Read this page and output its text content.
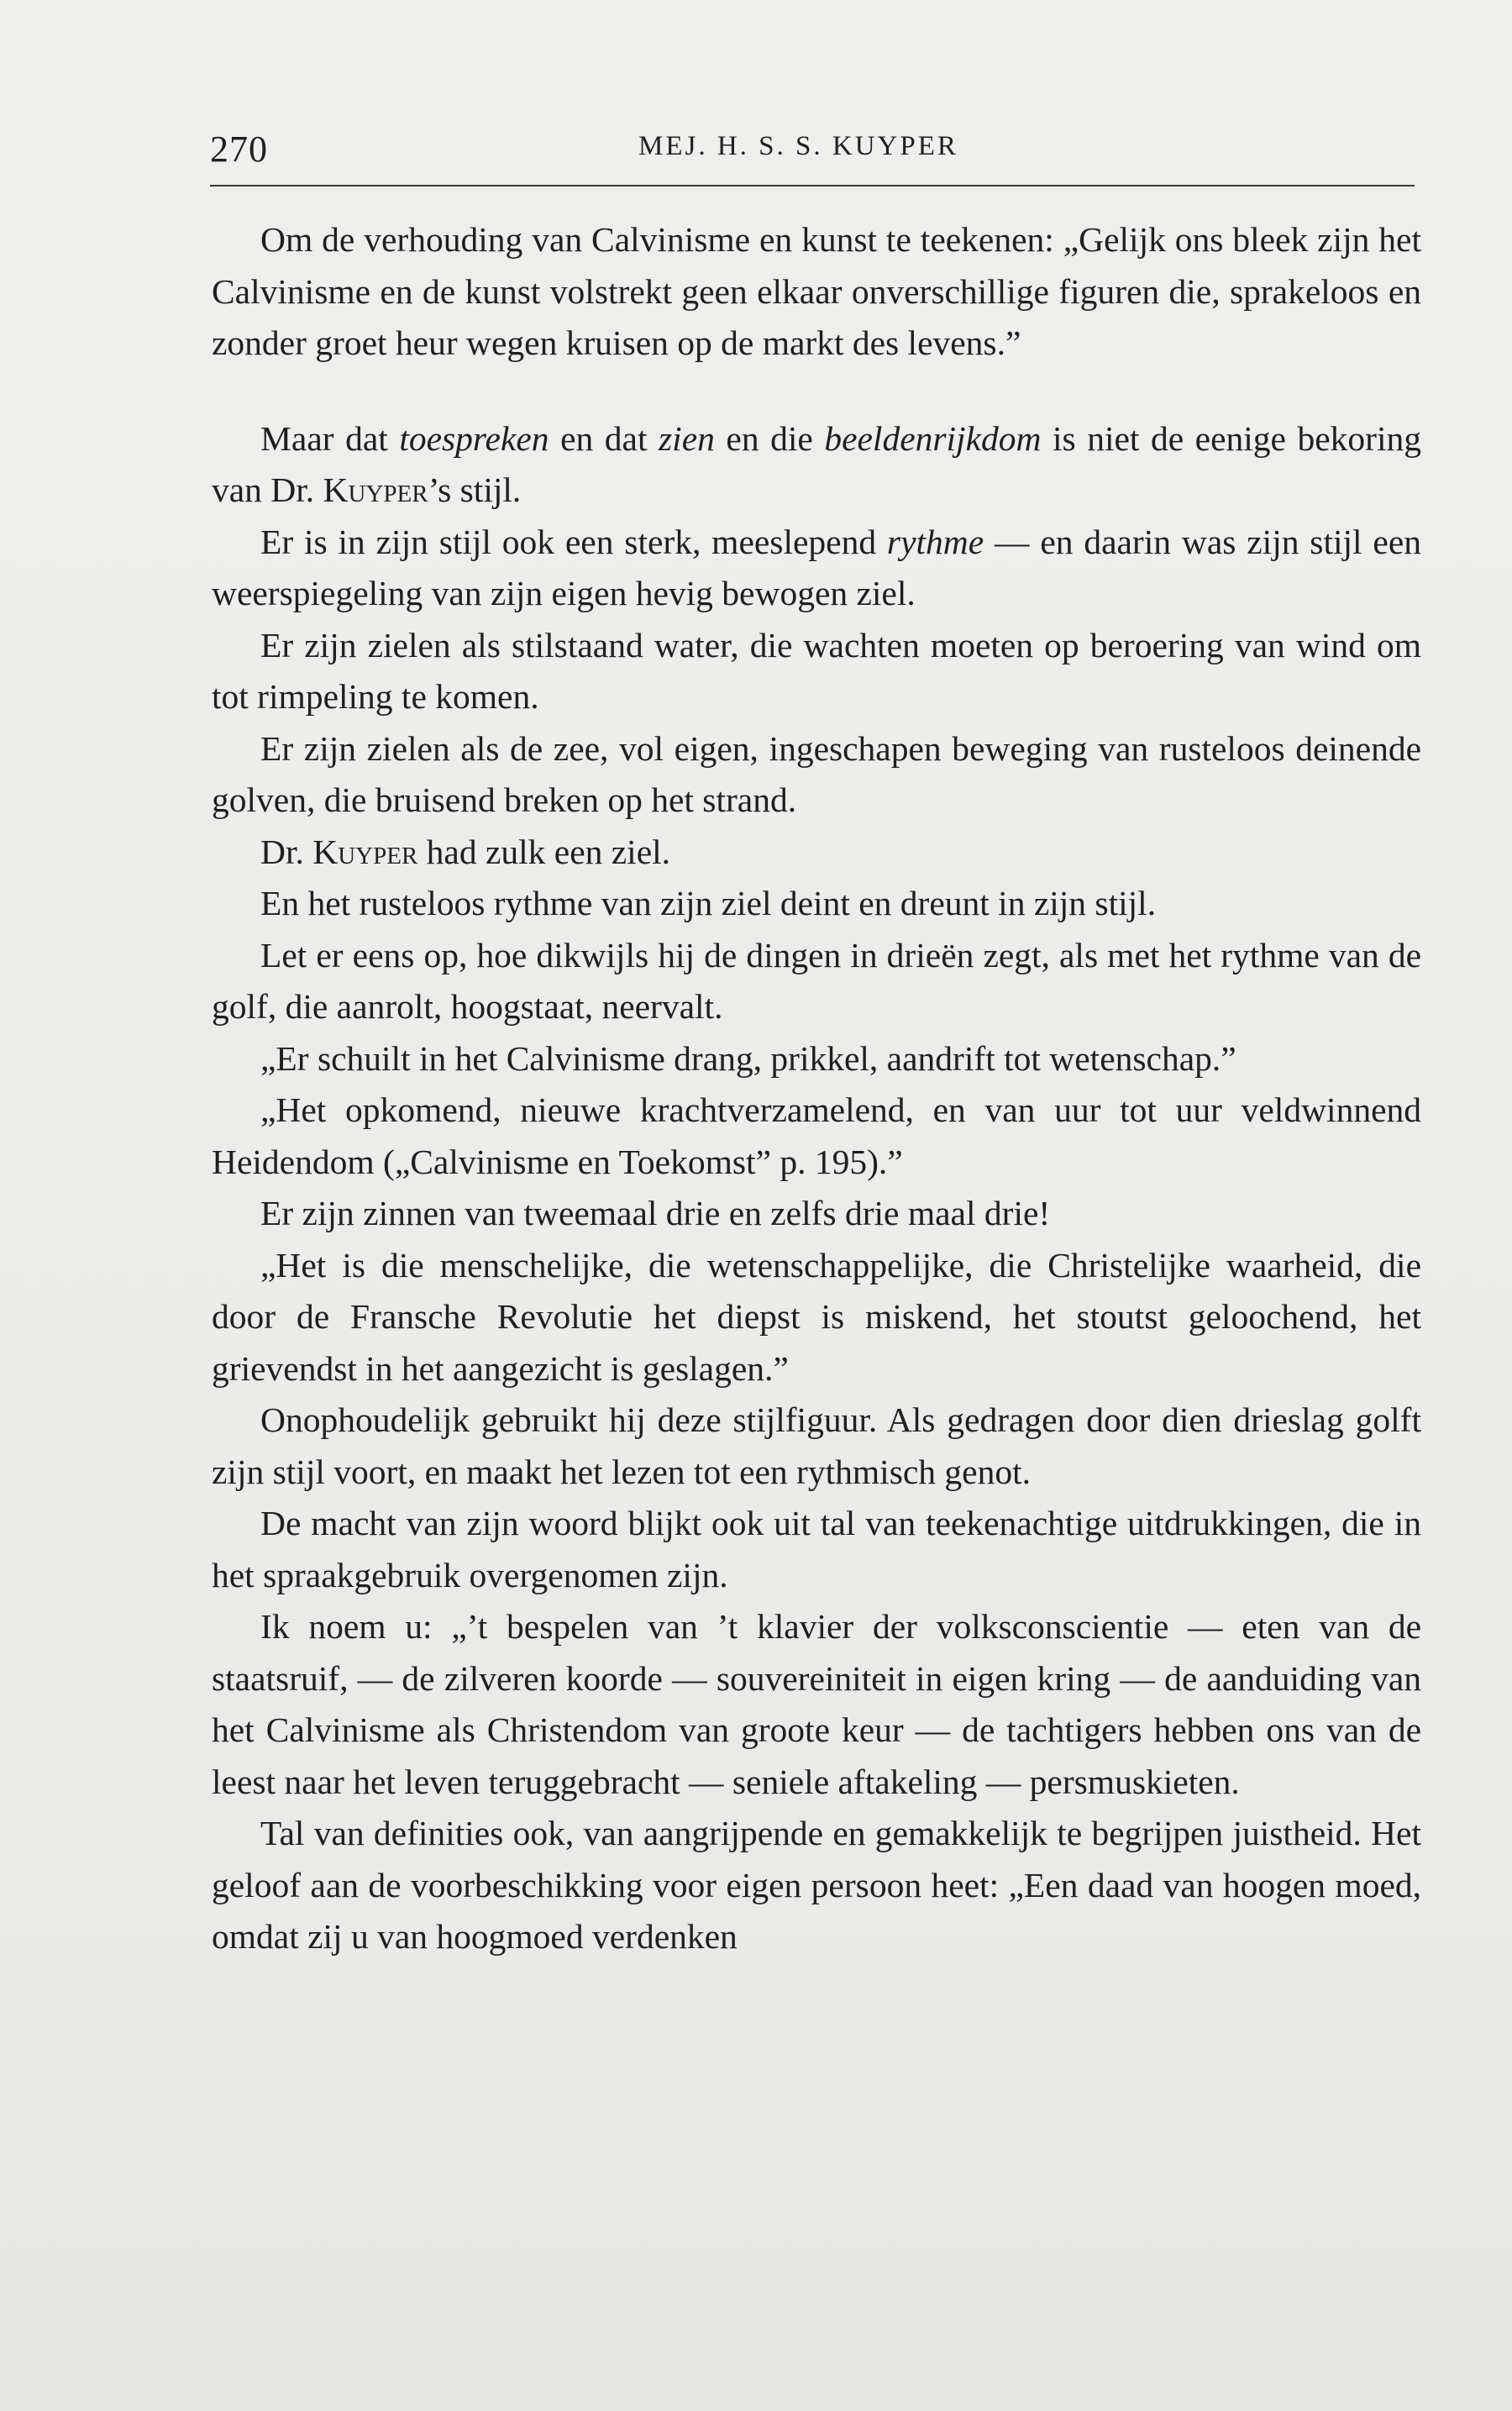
270	MEJ. H. S. S. KUYPER

Om de verhouding van Calvinisme en kunst te teekenen: „Gelijk ons bleek zijn het Calvinisme en de kunst volstrekt geen elkaar onverschillige figuren die, sprakeloos en zonder groet heur wegen kruisen op de markt des levens.”

Maar dat toespreken en dat zien en die beeldenrijkdom is niet de eenige bekoring van Dr. Kuyper’s stijl.

Er is in zijn stijl ook een sterk, meeslepend rythme — en daarin was zijn stijl een weerspiegeling van zijn eigen hevig bewogen ziel.

Er zijn zielen als stilstaand water, die wachten moeten op beroering van wind om tot rimpeling te komen.

Er zijn zielen als de zee, vol eigen, ingeschapen beweging van rusteloos deinende golven, die bruisend breken op het strand.

Dr. Kuyper had zulk een ziel.

En het rusteloos rythme van zijn ziel deint en dreunt in zijn stijl.

Let er eens op, hoe dikwijls hij de dingen in drieën zegt, als met het rythme van de golf, die aanrolt, hoogstaat, neervalt.

„Er schuilt in het Calvinisme drang, prikkel, aandrift tot wetenschap.”

„Het opkomend, nieuwe krachtverzamelend, en van uur tot uur veldwinnend Heidendom („Calvinisme en Toekomst” p. 195).”

Er zijn zinnen van tweemaal drie en zelfs drie maal drie!

„Het is die menschelijke, die wetenschappelijke, die Christelijke waarheid, die door de Fransche Revolutie het diepst is miskend, het stoutst geloochend, het grievendst in het aangezicht is geslagen.”

Onophoudelijk gebruikt hij deze stijlfiguur. Als gedragen door dien drieslag golft zijn stijl voort, en maakt het lezen tot een rythmisch genot.

De macht van zijn woord blijkt ook uit tal van teekenachtige uitdrukkingen, die in het spraakgebruik overgenomen zijn.

Ik noem u: „’t bespelen van ’t klavier der volksconscientie — eten van de staatsruif, — de zilveren koorde — souvereiniteit in eigen kring — de aanduiding van het Calvinisme als Christendom van groote keur — de tachtigers hebben ons van de leest naar het leven teruggebracht — seniele aftakeling — persmuskieten.

Tal van definities ook, van aangrijpende en gemakkelijk te begrijpen juistheid. Het geloof aan de voorbeschikking voor eigen persoon heet: „Een daad van hoogen moed, omdat zij u van hoogmoed verdenken
